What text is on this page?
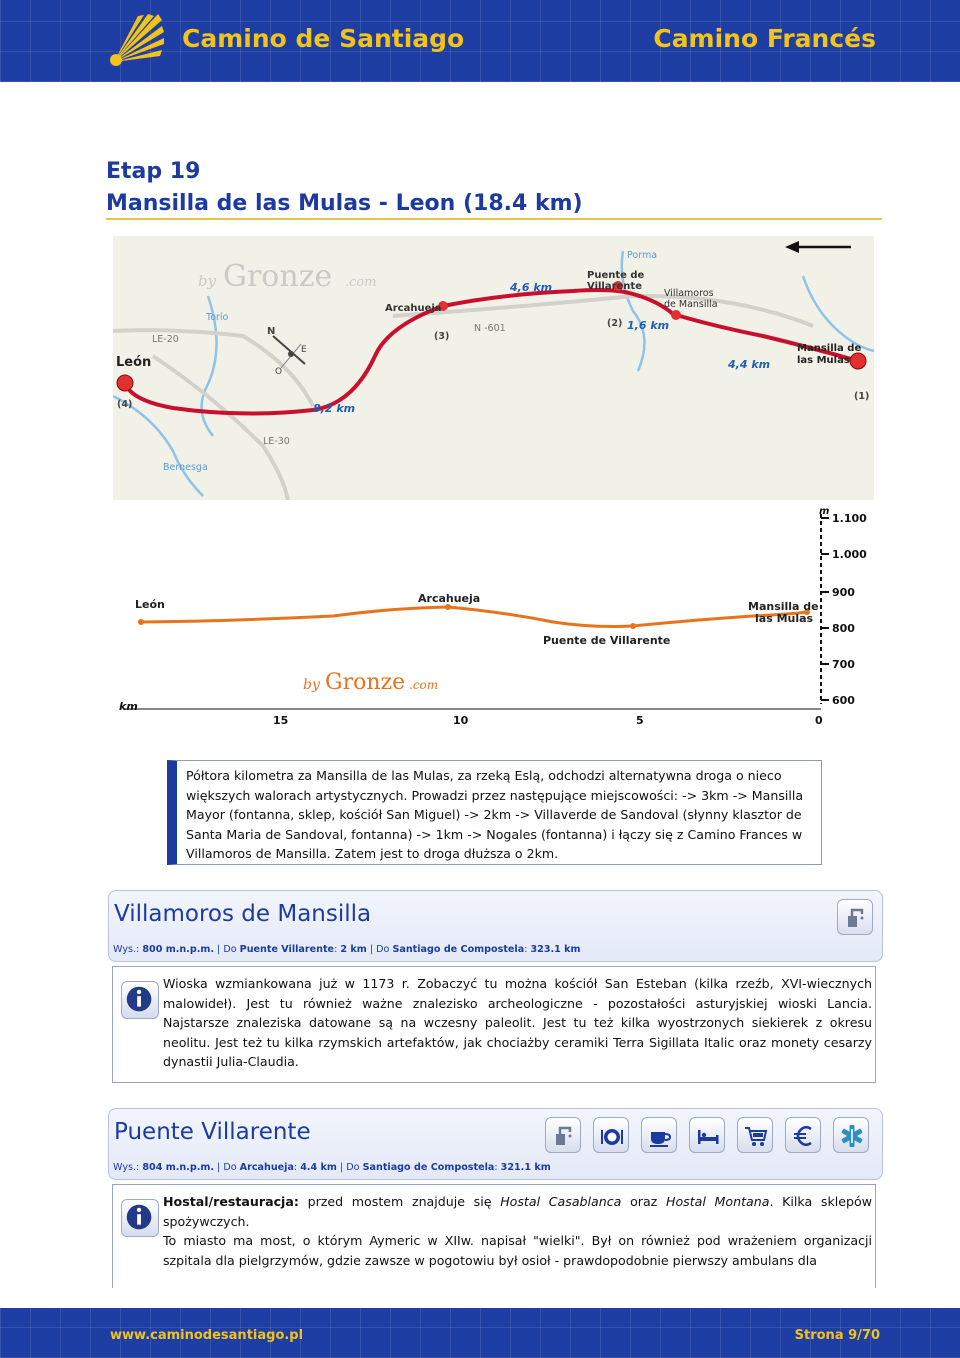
Camino de Santiago	Camino Francés
Etap 19
Mansilla de las Mulas - Leon (18.4 km)
N
O
E
by Gronze .com
León
Arcahueja
Puente de
Villarente
Villamoros
de Mansilla
Mansilla de
las Mulas
Porma
Torío
Bernesga
LE-20
LE-30
N -601
8,2 km
4,6 km
1,6 km
4,4 km
(4)
(2)
(3)
(1)
m
1.100
1.000
900
800
700
600
km
15	10	5	0
León	Arcahueja
Puente de Villarente
Mansilla de
las Mulas
by Gronze .com

Półtora kilometra za Mansilla de las Mulas, za rzeką Eslą, odchodzi alternatywna droga o nieco większych walorach artystycznych. Prowadzi przez następujące miejscowości: -> 3km -> Mansilla Mayor (fontanna, sklep, kościół San Miguel) -> 2km -> Villaverde de Sandoval (słynny klasztor de Santa Maria de Sandoval, fontanna) -> 1km -> Nogales (fontanna) i łączy się z Camino Frances w Villamoros de Mansilla. Zatem jest to droga dłuższa o 2km.

Villamoros de Mansilla
Wys.: 800 m.n.p.m. | Do Puente Villarente: 2 km | Do Santiago de Compostela: 323.1 km

Wioska wzmiankowana już w 1173 r. Zobaczyć tu można kościół San Esteban (kilka rzeźb, XVI-wiecznych malowideł). Jest tu również ważne znalezisko archeologiczne - pozostałości asturyjskiej wioski Lancia. Najstarsze znaleziska datowane są na wczesny paleolit. Jest tu też kilka wyostrzonych siekierek z okresu neolitu. Jest też tu kilka rzymskich artefaktów, jak chociażby ceramiki Terra Sigillata Italic oraz monety cesarzy dynastii Julia-Claudia.

Puente Villarente
Wys.: 804 m.n.p.m. | Do Arcahueja: 4.4 km | Do Santiago de Compostela: 321.1 km

Hostal/restauracja: przed mostem znajduje się Hostal Casablanca oraz Hostal Montana. Kilka sklepów spożywczych.

To miasto ma most, o którym Aymeric w XIIw. napisał "wielki". Był on również pod wrażeniem organizacji szpitala dla pielgrzymów, gdzie zawsze w pogotowiu był osioł - prawdopodobnie pierwszy ambulans dla

www.caminodesantiago.pl	Strona 9/70
